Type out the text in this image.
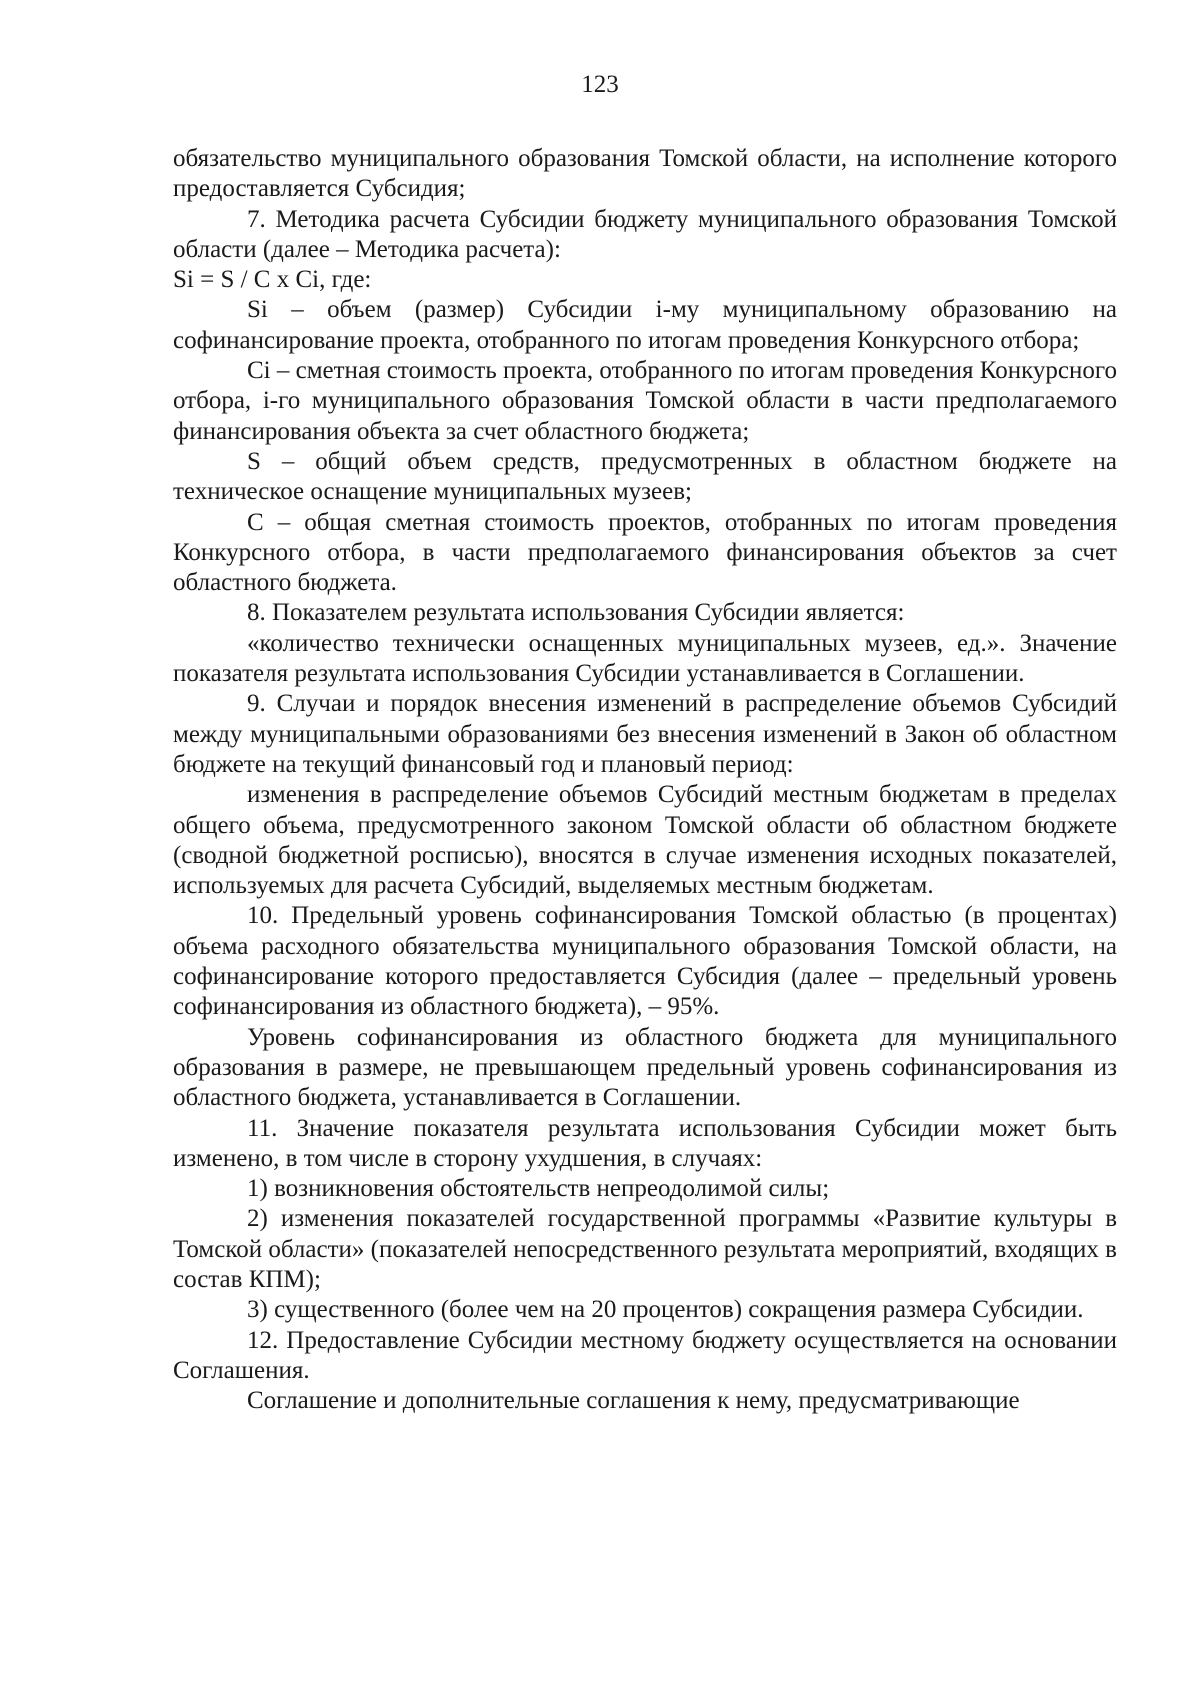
123

обязательство муниципального образования Томской области, на исполнение которого предоставляется Субсидия;

7. Методика расчета Субсидии бюджету муниципального образования Томской области (далее – Методика расчета):

Si = S / C x Ci, где:

Si – объем (размер) Субсидии i-му муниципальному образованию на софинансирование проекта, отобранного по итогам проведения Конкурсного отбора;

Ci – сметная стоимость проекта, отобранного по итогам проведения Конкурсного отбора, i-го муниципального образования Томской области в части предполагаемого финансирования объекта за счет областного бюджета;

S – общий объем средств, предусмотренных в областном бюджете на техническое оснащение муниципальных музеев;

C – общая сметная стоимость проектов, отобранных по итогам проведения Конкурсного отбора, в части предполагаемого финансирования объектов за счет областного бюджета.

8. Показателем результата использования Субсидии является:

«количество технически оснащенных муниципальных музеев, ед.». Значение показателя результата использования Субсидии устанавливается в Соглашении.

9. Случаи и порядок внесения изменений в распределение объемов Субсидий между муниципальными образованиями без внесения изменений в Закон об областном бюджете на текущий финансовый год и плановый период:

изменения в распределение объемов Субсидий местным бюджетам в пределах общего объема, предусмотренного законом Томской области об областном бюджете (сводной бюджетной росписью), вносятся в случае изменения исходных показателей, используемых для расчета Субсидий, выделяемых местным бюджетам.

10. Предельный уровень софинансирования Томской областью (в процентах) объема расходного обязательства муниципального образования Томской области, на софинансирование которого предоставляется Субсидия (далее – предельный уровень софинансирования из областного бюджета), – 95%.

Уровень софинансирования из областного бюджета для муниципального образования в размере, не превышающем предельный уровень софинансирования из областного бюджета, устанавливается в Соглашении.

11. Значение показателя результата использования Субсидии может быть изменено, в том числе в сторону ухудшения, в случаях:

1) возникновения обстоятельств непреодолимой силы;

2) изменения показателей государственной программы «Развитие культуры в Томской области» (показателей непосредственного результата мероприятий, входящих в состав КПМ);

3) существенного (более чем на 20 процентов) сокращения размера Субсидии.

12. Предоставление Субсидии местному бюджету осуществляется на основании Соглашения.

Соглашение и дополнительные соглашения к нему, предусматривающие
